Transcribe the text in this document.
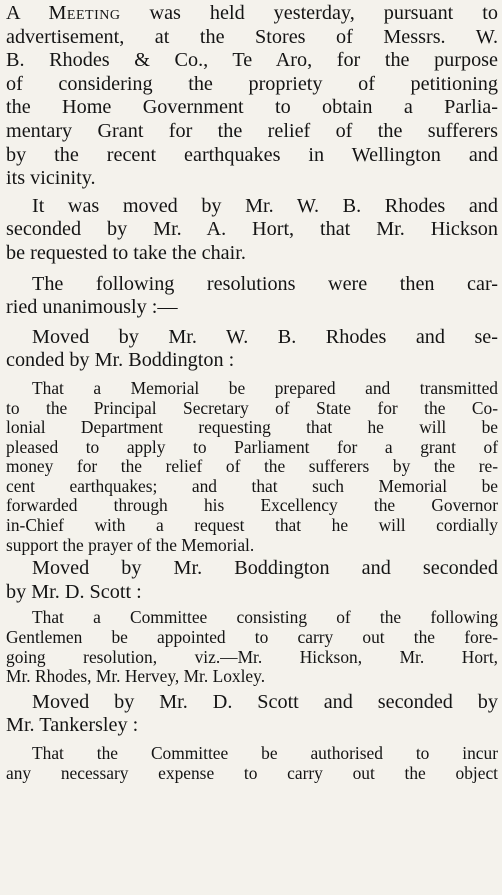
A Meeting was held yesterday, pursuant to
advertisement, at the Stores of Messrs. W.
B. Rhodes & Co., Te Aro, for the purpose
of considering the propriety of petitioning
the Home Government to obtain a Parlia-
mentary Grant for the relief of the sufferers
by the recent earthquakes in Wellington and
its vicinity.

It was moved by Mr. W. B. Rhodes and
seconded by Mr. A. Hort, that Mr. Hickson
be requested to take the chair.

The following resolutions were then car-
ried unanimously :—

Moved by Mr. W. B. Rhodes and se-
conded by Mr. Boddington :

That a Memorial be prepared and transmitted
to the Principal Secretary of State for the Co-
lonial Department requesting that he will be
pleased to apply to Parliament for a grant of
money for the relief of the sufferers by the re-
cent earthquakes; and that such Memorial be
forwarded through his Excellency the Governor
in-Chief with a request that he will cordially
support the prayer of the Memorial.

Moved by Mr. Boddington and seconded
by Mr. D. Scott :

That a Committee consisting of the following
Gentlemen be appointed to carry out the fore-
going resolution, viz.—Mr. Hickson, Mr. Hort,
Mr. Rhodes, Mr. Hervey, Mr. Loxley.

Moved by Mr. D. Scott and seconded by
Mr. Tankersley :

That the Committee be authorised to incur
any necessary expense to carry out the object
